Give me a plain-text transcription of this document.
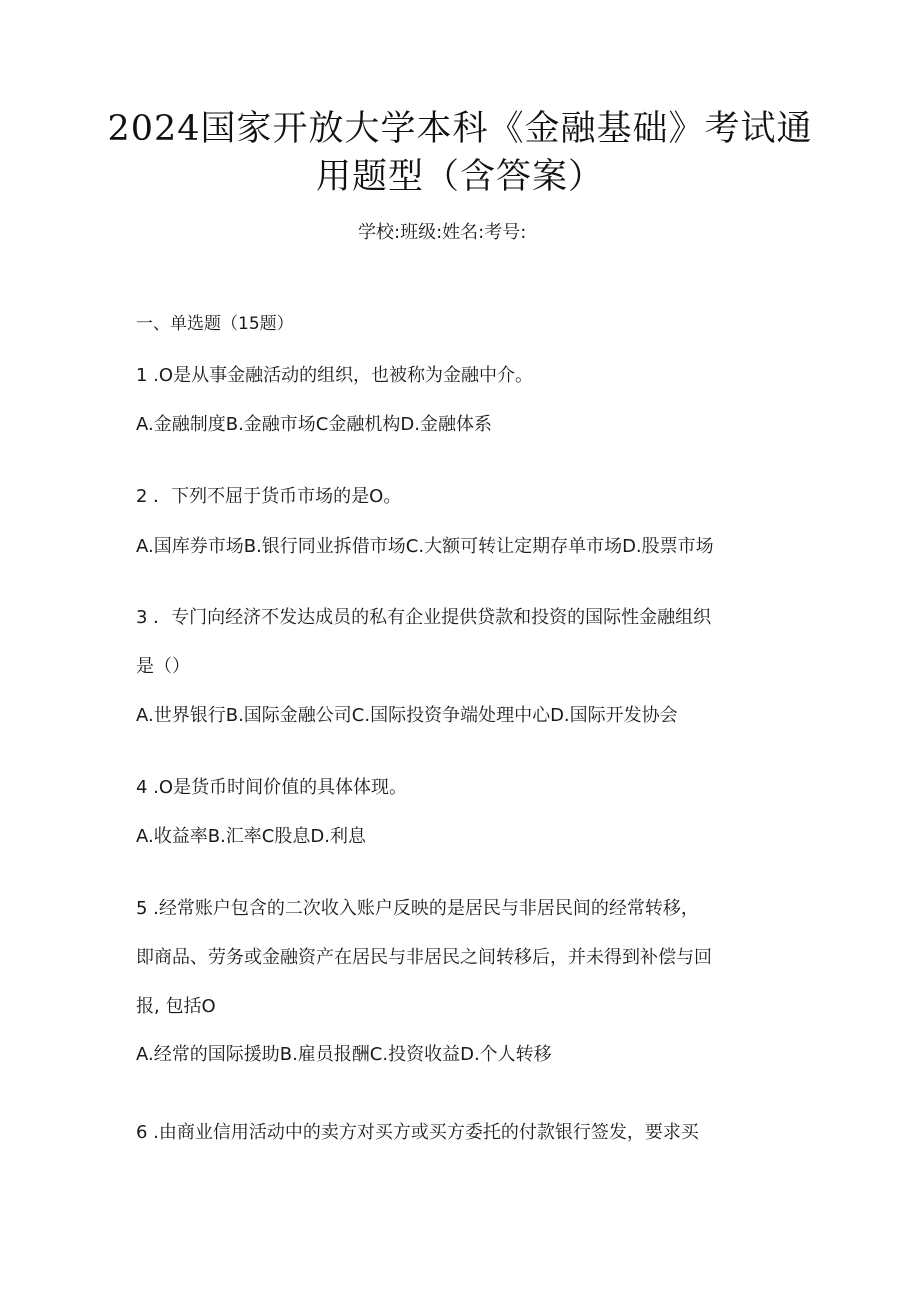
2024国家开放大学本科《金融基础》考试通
用题型（含答案）
学校:班级:姓名:考号:
一、单选题（15题）
1 .O是从事金融活动的组织，也被称为金融中介。
A.金融制度B.金融市场C金融机构D.金融体系
2 ．下列不屈于货币市场的是O。
A.国库券市场B.银行同业拆借市场C.大额可转让定期存单市场D.股票市场
3 ．专门向经济不发达成员的私有企业提供贷款和投资的国际性金融组织
是（）
A.世界银行B.国际金融公司C.国际投资争端处理中心D.国际开发协会
4 .O是货币时间价值的具体体现。
A.收益率B.汇率C股息D.利息
5 .经常账户包含的二次收入账户反映的是居民与非居民间的经常转移，
即商品、劳务或金融资产在居民与非居民之间转移后，并未得到补偿与回
报, 包括O
A.经常的国际援助B.雇员报酬C.投资收益D.个人转移
6 .由商业信用活动中的卖方对买方或买方委托的付款银行签发，要求买
